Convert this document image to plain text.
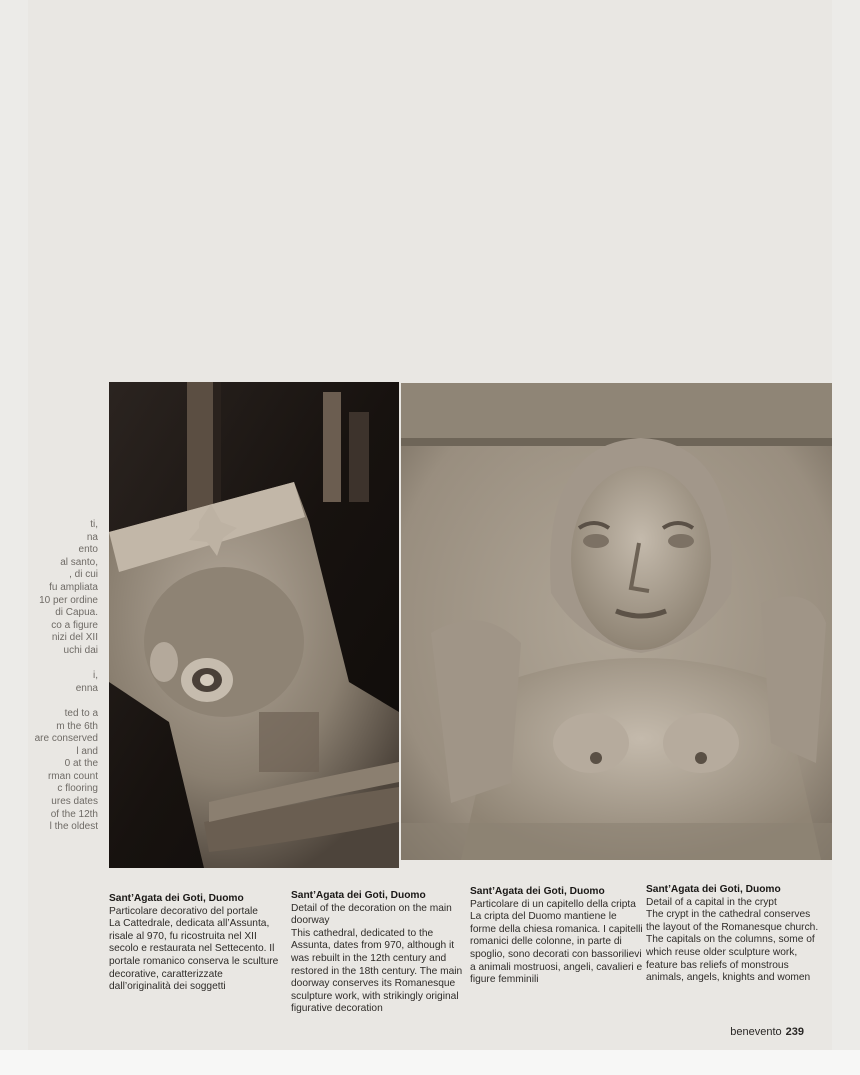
ti,
na
ento
al santo,
, di cui
fu ampliata
10 per ordine
di Capua.
co a figure
nizi del XII
uchi dai

i,
enna

ted to a
m the 6th
are conserved
l and
0 at the
rman count
c flooring
ures dates
of the 12th
l the oldest

Sant’Agata dei Goti, Duomo

Particolare decorativo del portale

La Cattedrale, dedicata all’Assunta, risale al 970, fu ricostruita nel XII secolo e restaurata nel Settecento. Il portale romanico conserva le sculture decorative, caratterizzate dall’originalità dei soggetti

Sant’Agata dei Goti, Duomo

Detail of the decoration on the main doorway

This cathedral, dedicated to the Assunta, dates from 970, although it was rebuilt in the 12th century and restored in the 18th century. The main doorway conserves its Romanesque sculpture work, with strikingly original figurative decoration

Sant’Agata dei Goti, Duomo

Particolare di un capitello della cripta

La cripta del Duomo mantiene le forme della chiesa romanica. I capitelli romanici delle colonne, in parte di spoglio, sono decorati con bassorilievi a animali mostruosi, angeli, cavalieri e figure femminili

Sant’Agata dei Goti, Duomo

Detail of a capital in the crypt

The crypt in the cathedral conserves the layout of the Romanesque church. The capitals on the columns, some of which reuse older sculpture work, feature bas reliefs of monstrous animals, angels, knights and women

benevento 239
